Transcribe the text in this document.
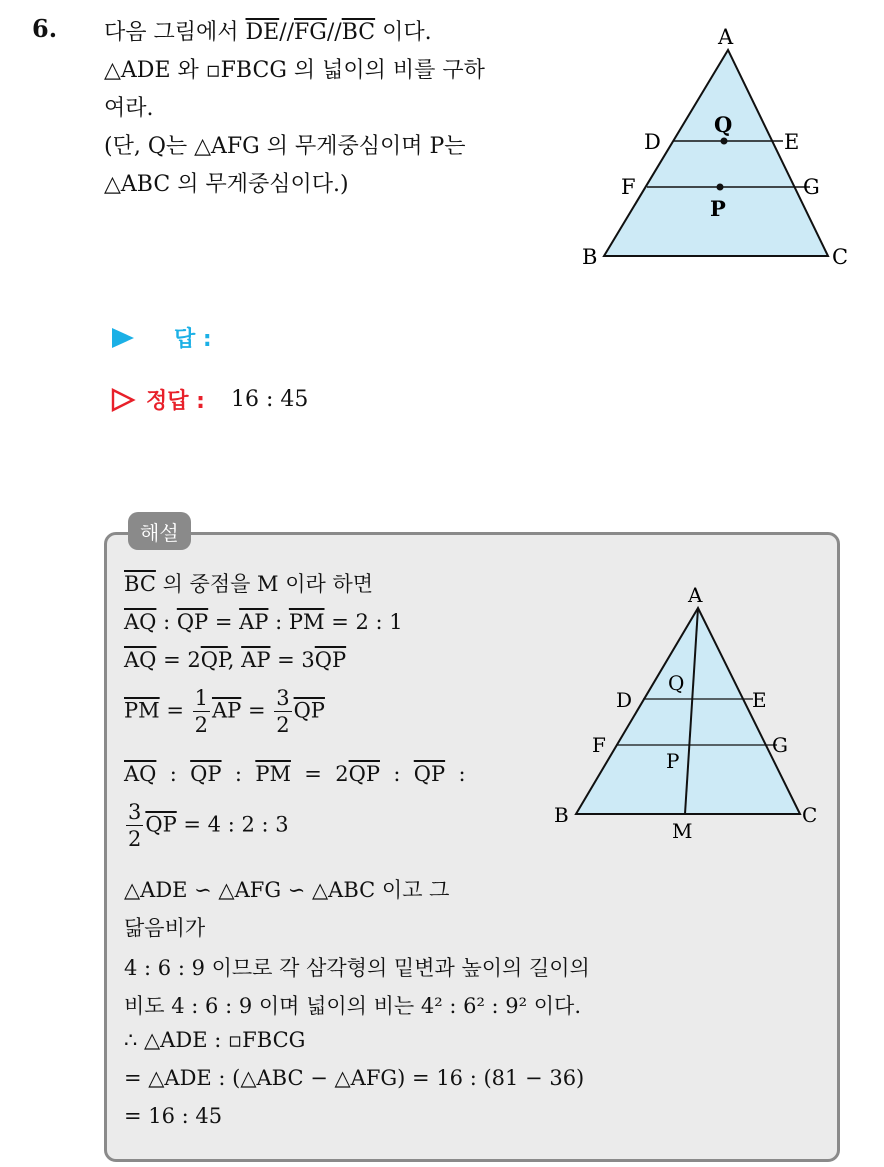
6. 다음 그림에서 $\overline{DE}//\overline{FG}//\overline{BC}$ 이다.
△ADE 와 ▫FBCG 의 넓이의 비를 구하
여라.
(단, Q는 △AFG 의 무게중심이며 P는
△ABC 의 무게중심이다.)
A
Q
D	E
F	G
P
B	C
답 :
정답 : 16 : 45
해설
$\overline{BC}$ 의 중점을 M 이라 하면
$\overline{AQ}$ : $\overline{QP} = \overline{AP}$ : $\overline{PM} = 2$ : 1
$\overline{AQ} = 2\overline{QP}$, $\overline{AP} = 3\overline{QP}$
$\overline{PM} = \frac{1}{2} \overline{AP} = \frac{3}{2} \overline{QP}$
$\overline{AQ}$  :  $\overline{QP}$  :  $\overline{PM} = 2\overline{QP}$  :  $\overline{QP}$  :
$\frac{3}{2} \overline{QP} = 4$ : 2 : 3
△ADE ∽ △AFG ∽ △ABC 이고 그
닮음비가
4 : 6 : 9 이므로 각 삼각형의 밑변과 높이의 길이의
비도 4 : 6 : 9 이며 넓이의 비는 4² : 6² : 9² 이다.
∴ △ADE : ▫FBCG
= △ADE : (△ABC − △AFG) = 16 : (81 − 36)
= 16 : 45
A
Q
D	E
F	G
P
B	C
M
